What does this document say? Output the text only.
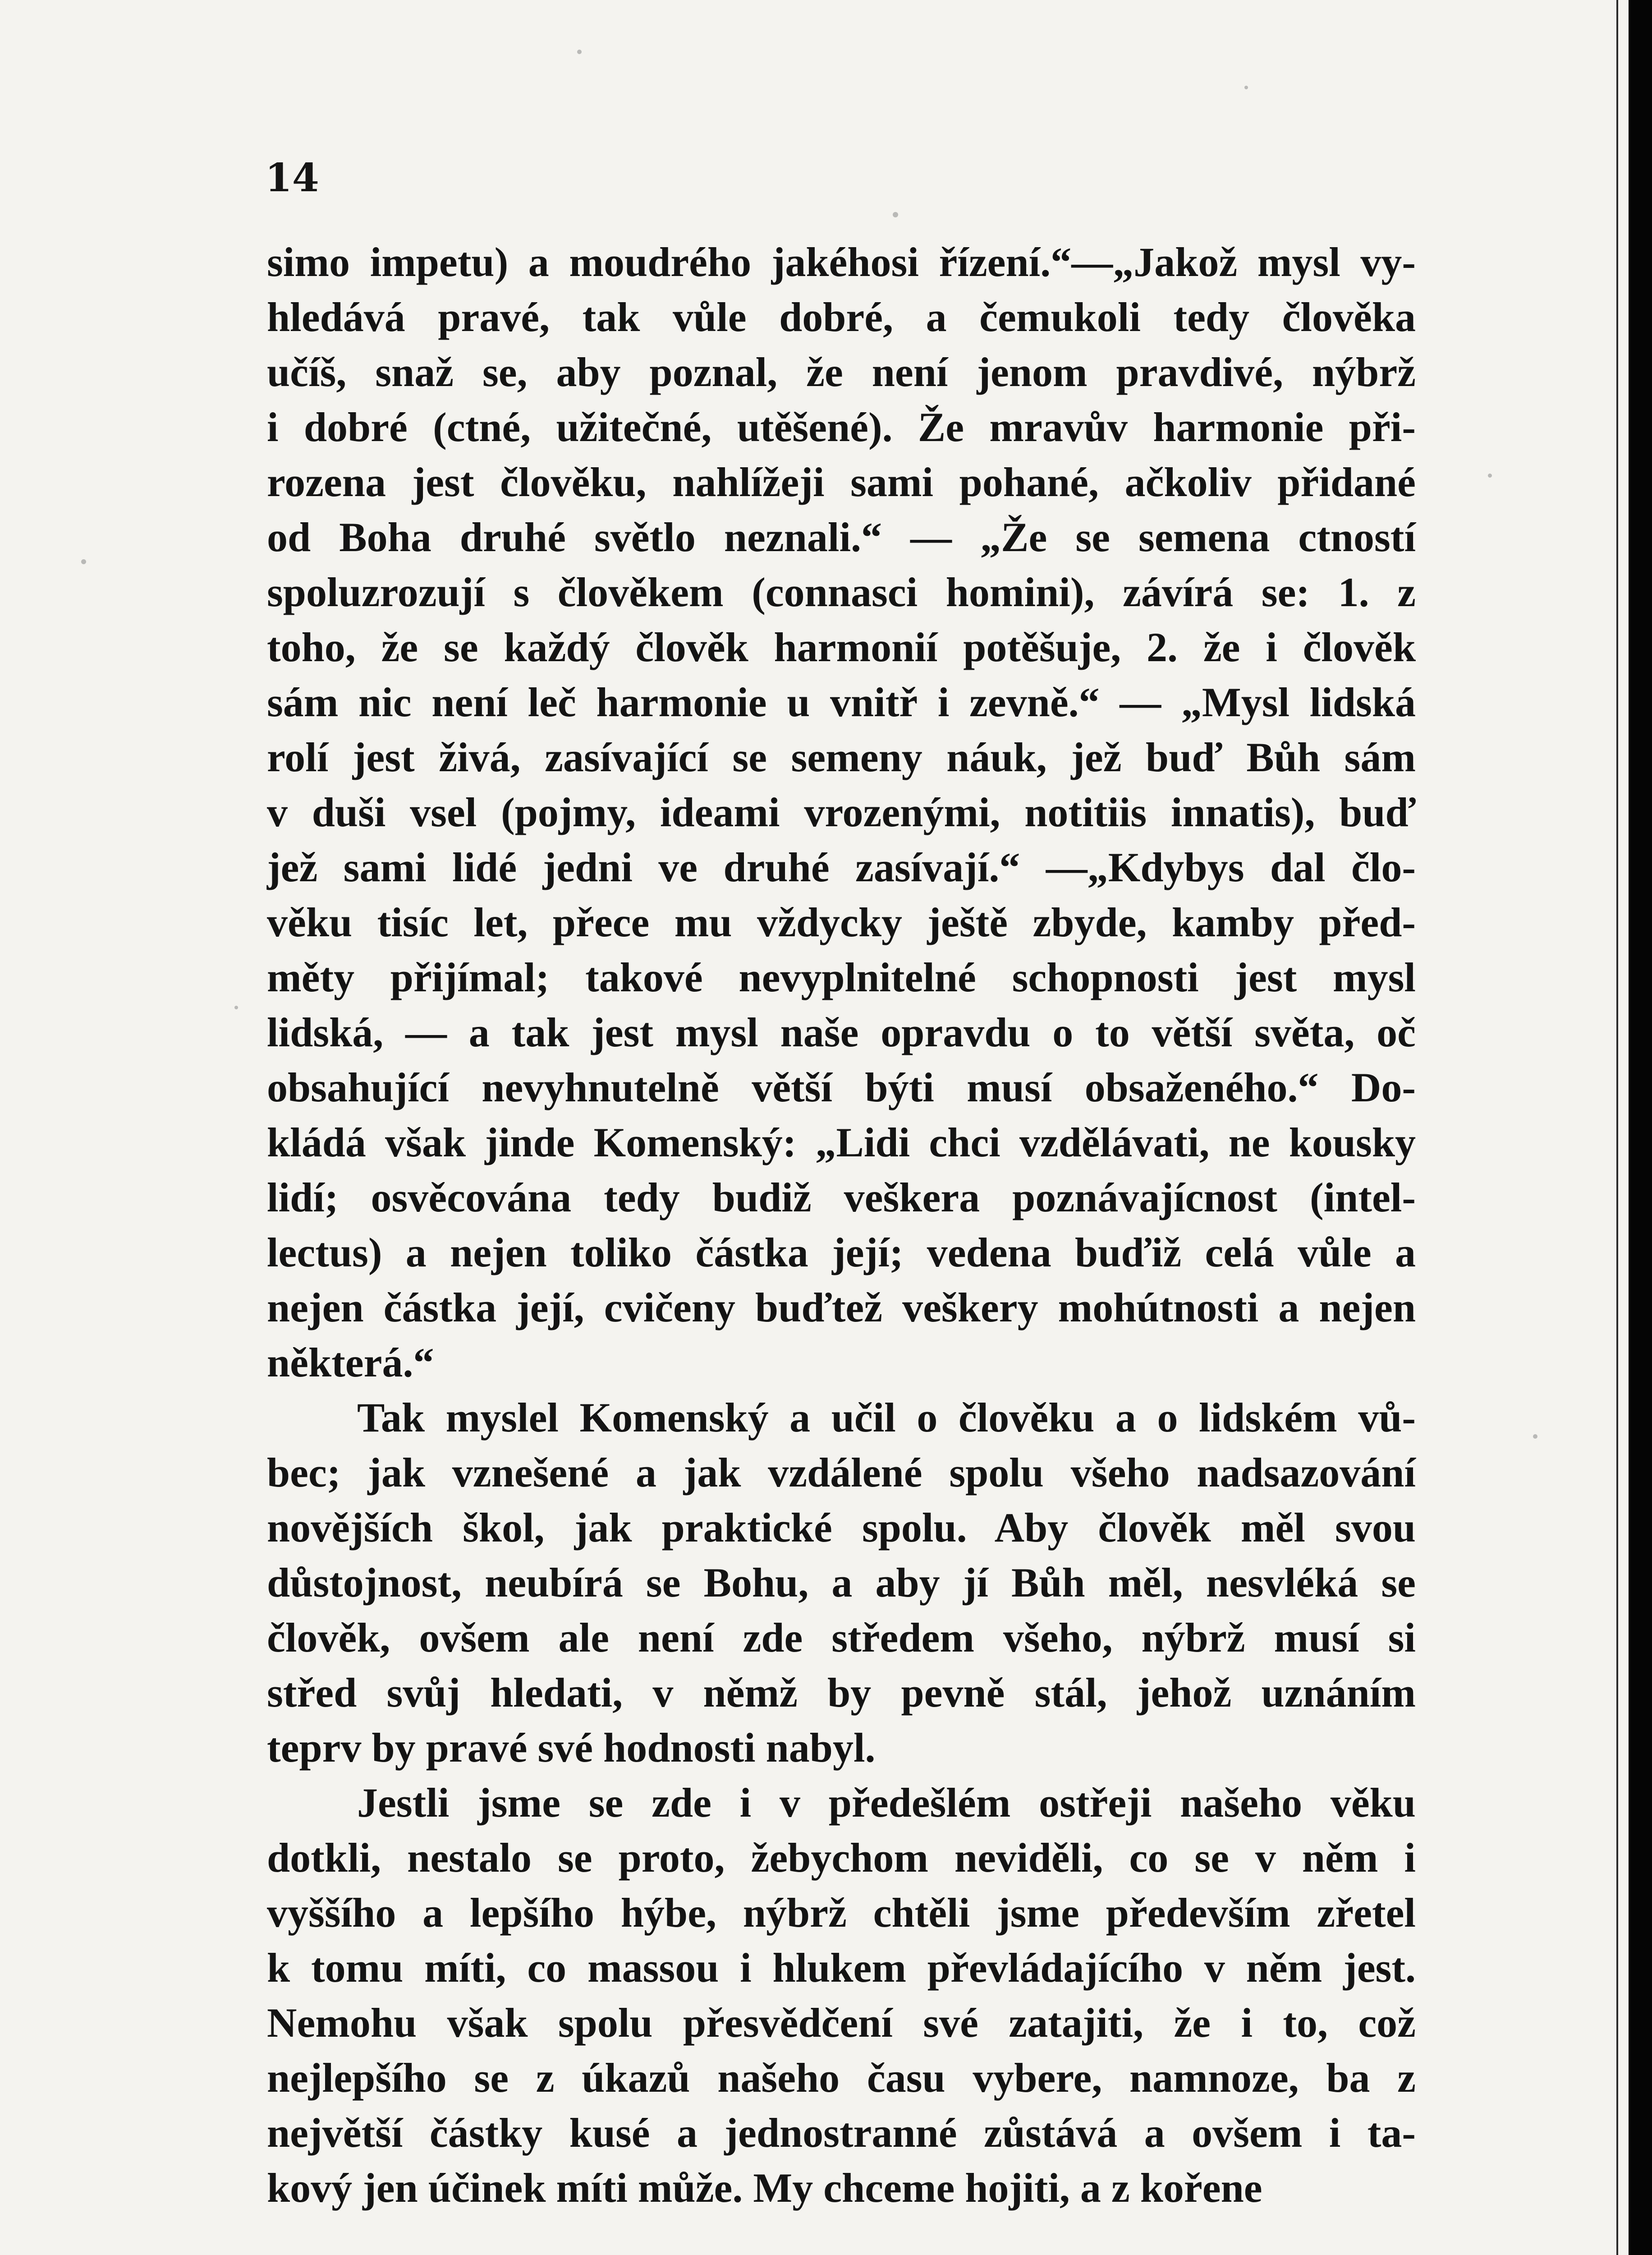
14
simo impetu) a moudrého jakéhosi řízení.“—„Jakož mysl vy-
hledává pravé, tak vůle dobré, a čemukoli tedy člověka
učíš, snaž se, aby poznal, že není jenom pravdivé, nýbrž
i dobré (ctné, užitečné, utěšené). Že mravův harmonie při-
rozena jest člověku, nahlížeji sami pohané, ačkoliv přidané
od Boha druhé světlo neznali.“ — „Že se semena ctností
spoluzrozují s člověkem (connasci homini), závírá se: 1. z
toho, že se každý člověk harmonií potěšuje, 2. že i člověk
sám nic není leč harmonie u vnitř i zevně.“ — „Mysl lidská
rolí jest živá, zasívající se semeny náuk, jež buď Bůh sám
v duši vsel (pojmy, ideami vrozenými, notitiis innatis), buď
jež sami lidé jedni ve druhé zasívají.“ —„Kdybys dal člo-
věku tisíc let, přece mu vždycky ještě zbyde, kamby před-
měty přijímal; takové nevyplnitelné schopnosti jest mysl
lidská, — a tak jest mysl naše opravdu o to větší světa, oč
obsahující nevyhnutelně větší býti musí obsaženého.“ Do-
kládá však jinde Komenský: „Lidi chci vzdělávati, ne kousky
lidí; osvěcována tedy budiž veškera poznávajícnost (intel-
lectus) a nejen toliko částka její; vedena buďiž celá vůle a
nejen částka její, cvičeny buďtež veškery mohútnosti a nejen
některá.“
Tak myslel Komenský a učil o člověku a o lidském vů-
bec; jak vznešené a jak vzdálené spolu všeho nadsazování
novějších škol, jak praktické spolu. Aby člověk měl svou
důstojnost, neubírá se Bohu, a aby jí Bůh měl, nesvléká se
člověk, ovšem ale není zde středem všeho, nýbrž musí si
střed svůj hledati, v němž by pevně stál, jehož uznáním
teprv by pravé své hodnosti nabyl.
Jestli jsme se zde i v předešlém ostřeji našeho věku
dotkli, nestalo se proto, žebychom neviděli, co se v něm i
vyššího a lepšího hýbe, nýbrž chtěli jsme především zřetel
k tomu míti, co massou i hlukem převládajícího v něm jest.
Nemohu však spolu přesvědčení své zatajiti, že i to, což
nejlepšího se z úkazů našeho času vybere, namnoze, ba z
největší částky kusé a jednostranné zůstává a ovšem i ta-
kový jen účinek míti může. My chceme hojiti, a z kořene
